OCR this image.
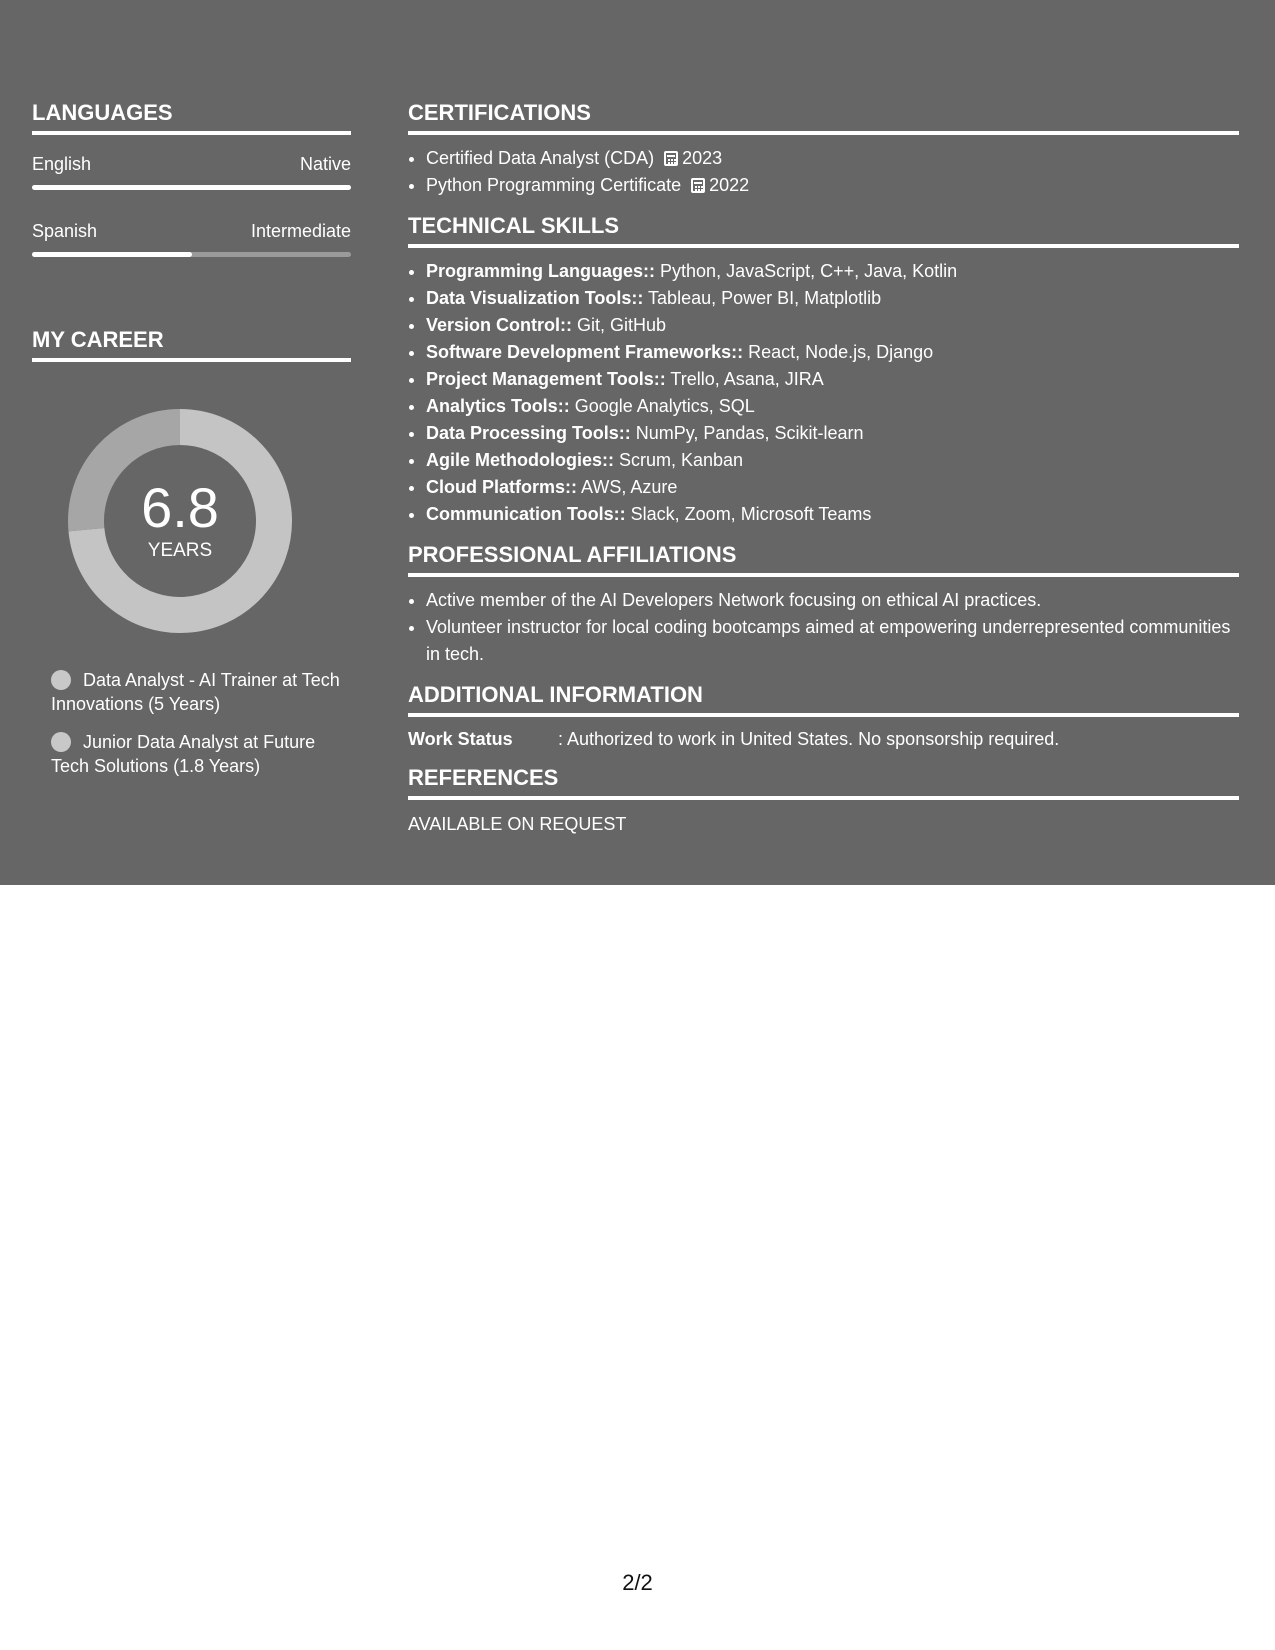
LANGUAGES
English	Native
Spanish	Intermediate
MY CAREER
6.8
YEARS
Data Analyst - AI Trainer at Tech Innovations (5 Years)
Junior Data Analyst at Future Tech Solutions (1.8 Years)
CERTIFICATIONS
• Certified Data Analyst (CDA) 2023
• Python Programming Certificate 2022
TECHNICAL SKILLS
• Programming Languages:: Python, JavaScript, C++, Java, Kotlin
• Data Visualization Tools:: Tableau, Power BI, Matplotlib
• Version Control:: Git, GitHub
• Software Development Frameworks:: React, Node.js, Django
• Project Management Tools:: Trello, Asana, JIRA
• Analytics Tools:: Google Analytics, SQL
• Data Processing Tools:: NumPy, Pandas, Scikit-learn
• Agile Methodologies:: Scrum, Kanban
• Cloud Platforms:: AWS, Azure
• Communication Tools:: Slack, Zoom, Microsoft Teams
PROFESSIONAL AFFILIATIONS
• Active member of the AI Developers Network focusing on ethical AI practices.
• Volunteer instructor for local coding bootcamps aimed at empowering underrepresented communities in tech.
ADDITIONAL INFORMATION
Work Status	: Authorized to work in United States. No sponsorship required.
REFERENCES
AVAILABLE ON REQUEST
2/2
